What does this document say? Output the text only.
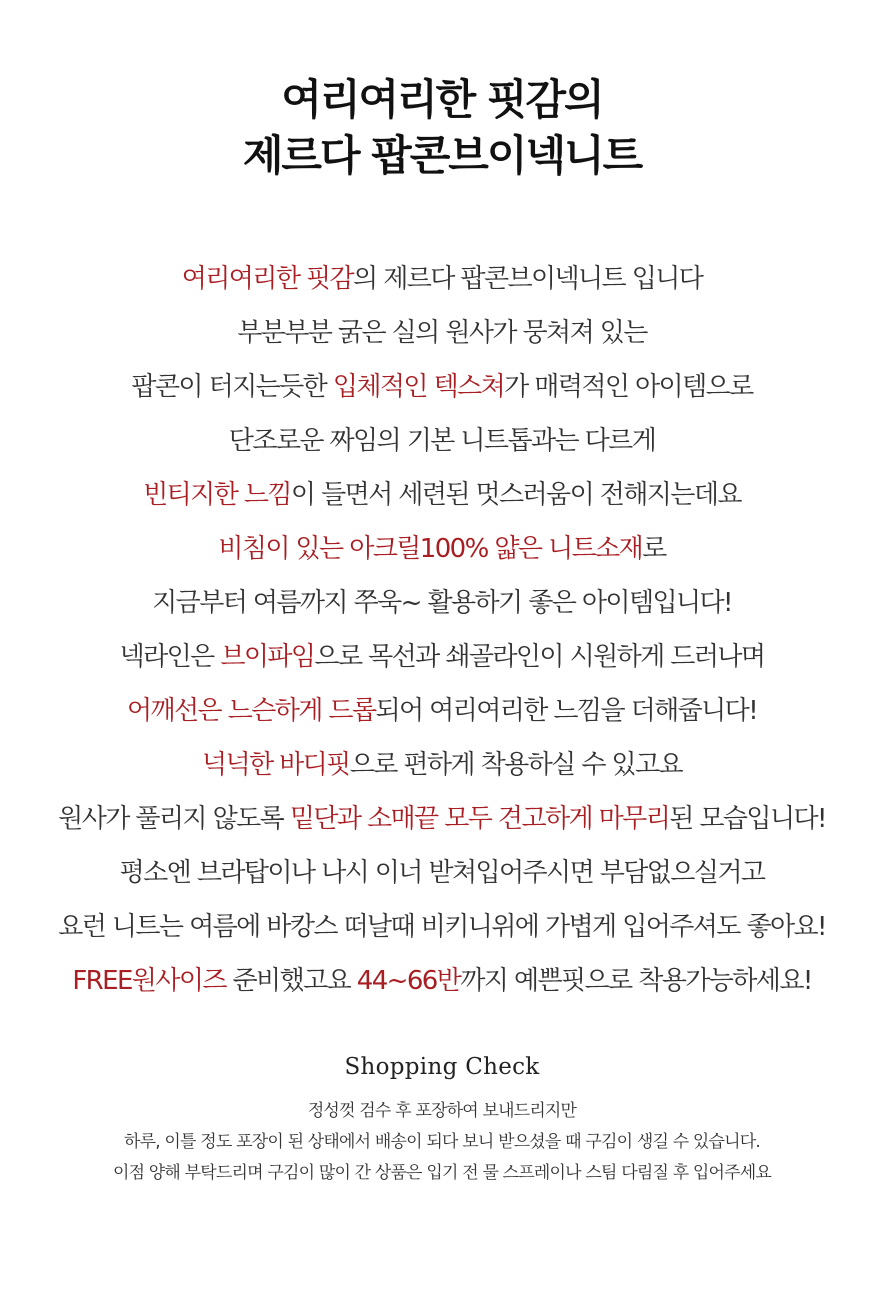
여리여리한 핏감의
제르다 팝콘브이넥니트
여리여리한 핏감의 제르다 팝콘브이넥니트 입니다
부분부분 굵은 실의 원사가 뭉쳐져 있는
팝콘이 터지는듯한 입체적인 텍스쳐가 매력적인 아이템으로
단조로운 짜임의 기본 니트톱과는 다르게
빈티지한 느낌이 들면서 세련된 멋스러움이 전해지는데요
비침이 있는 아크릴100% 얇은 니트소재로
지금부터 여름까지 쭈욱~ 활용하기 좋은 아이템입니다!
넥라인은 브이파임으로 목선과 쇄골라인이 시원하게 드러나며
어깨선은 느슨하게 드롭되어 여리여리한 느낌을 더해줍니다!
넉넉한 바디핏으로 편하게 착용하실 수 있고요
원사가 풀리지 않도록 밑단과 소매끝 모두 견고하게 마무리된 모습입니다!
평소엔 브라탑이나 나시 이너 받쳐입어주시면 부담없으실거고
요런 니트는 여름에 바캉스 떠날때 비키니위에 가볍게 입어주셔도 좋아요!
FREE원사이즈 준비했고요 44~66반까지 예쁜핏으로 착용가능하세요!
Shopping Check
정성껏 검수 후 포장하여 보내드리지만
하루, 이틀 정도 포장이 된 상태에서 배송이 되다 보니 받으셨을 때 구김이 생길 수 있습니다.
이점 양해 부탁드리며 구김이 많이 간 상품은 입기 전 물 스프레이나 스팀 다림질 후 입어주세요
